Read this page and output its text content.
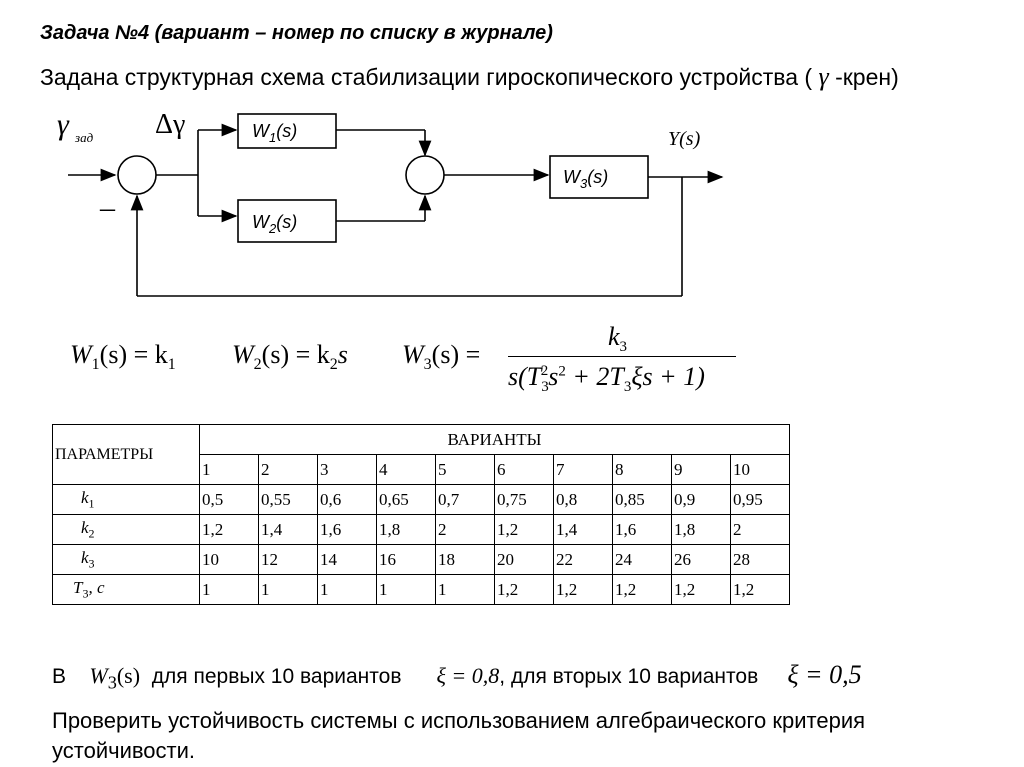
Задача №4 (вариант – номер по списку в журнале)
Задана структурная схема стабилизации гироскопического устройства ( γ -крен)
γ зад Δγ
–
Y(s)
$W_1(s)$
$W_2(s)$
$W_3(s)$
$W_1(s) = k_1$ $W_2(s) = k_2s$ $W_3(s)$ =
$k_3$
$s(T_3^2s^2 + 2T_3\xi s + 1)$
ПАРАМЕТРЫ	ВАРИАНТЫ									
	1	2	3	4	5	6	7	8	9	10
$k_1$	0,5	0,55	0,6	0,65	0,7	0,75	0,8	0,85	0,9	0,95
$k_2$	1,2	1,4	1,6	1,8	2	1,2	1,4	1,6	1,8	2
$k_3$	10	12	14	16	18	20	22	24	26	28
$T_3$, c	1	1	1	1	1	1,2	1,2	1,2	1,2	1,2
В $W_3(s)$ для первых 10 вариантов ξ = 0,8, для вторых 10 вариантов ξ = 0,5
Проверить устойчивость системы с использованием алгебраического критерия устойчивости.
